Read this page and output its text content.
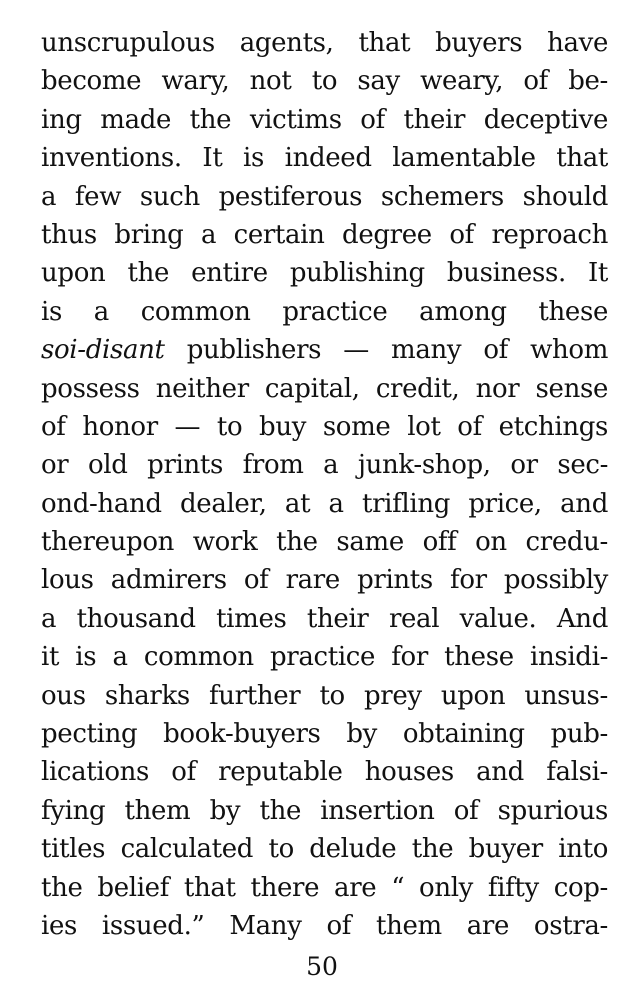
unscrupulous agents, that buyers have
become wary, not to say weary, of be-
ing made the victims of their deceptive
inventions. It is indeed lamentable that
a few such pestiferous schemers should
thus bring a certain degree of reproach
upon the entire publishing business. It
is a common practice among these
soi-disant publishers — many of whom
possess neither capital, credit, nor sense
of honor — to buy some lot of etchings
or old prints from a junk-shop, or sec-
ond-hand dealer, at a trifling price, and
thereupon work the same off on credu-
lous admirers of rare prints for possibly
a thousand times their real value. And
it is a common practice for these insidi-
ous sharks further to prey upon unsus-
pecting book-buyers by obtaining pub-
lications of reputable houses and falsi-
fying them by the insertion of spurious
titles calculated to delude the buyer into
the belief that there are “ only fifty cop-
ies issued.” Many of them are ostra-
50
